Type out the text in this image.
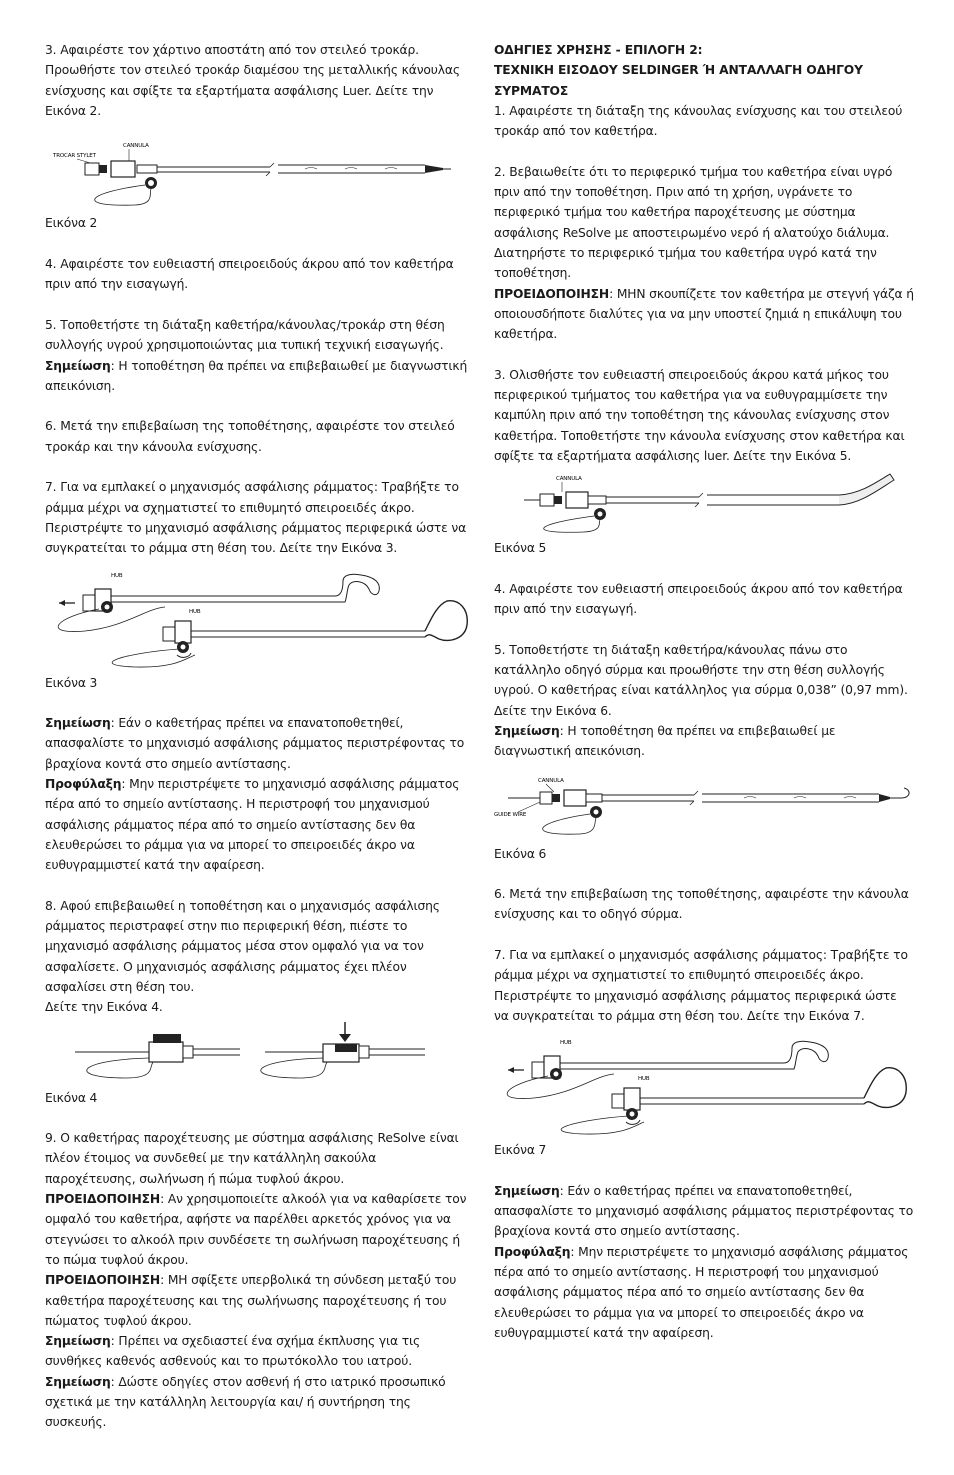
3. Αφαιρέστε τον χάρτινο αποστάτη από τον στειλεό τροκάρ. Προωθήστε τον στειλεό τροκάρ διαμέσου της μεταλλικής κάνουλας ενίσχυσης και σφίξτε τα εξαρτήματα ασφάλισης Luer. Δείτε την Εικόνα 2.

TROCAR STYLET
CANNULA

Εικόνα 2

4. Αφαιρέστε τον ευθειαστή σπειροειδούς άκρου από τον καθετήρα πριν από την εισαγωγή.

5. Τοποθετήστε τη διάταξη καθετήρα/κάνουλας/τροκάρ στη θέση συλλογής υγρού χρησιμοποιώντας μια τυπική τεχνική εισαγωγής.
Σημείωση: Η τοποθέτηση θα πρέπει να επιβεβαιωθεί με διαγνωστική απεικόνιση.

6. Μετά την επιβεβαίωση της τοποθέτησης, αφαιρέστε τον στειλεό τροκάρ και την κάνουλα ενίσχυσης.

7. Για να εμπλακεί ο μηχανισμός ασφάλισης ράμματος: Τραβήξτε το ράμμα μέχρι να σχηματιστεί το επιθυμητό σπειροειδές άκρο. Περιστρέψτε το μηχανισμό ασφάλισης ράμματος περιφερικά ώστε να συγκρατείται το ράμμα στη θέση του. Δείτε την Εικόνα 3.

HUB
HUB

Εικόνα 3

Σημείωση: Εάν ο καθετήρας πρέπει να επανατοποθετηθεί, απασφαλίστε το μηχανισμό ασφάλισης ράμματος περιστρέφοντας το βραχίονα κοντά στο σημείο αντίστασης.

Προφύλαξη: Μην περιστρέψετε το μηχανισμό ασφάλισης ράμματος πέρα από το σημείο αντίστασης. Η περιστροφή του μηχανισμού ασφάλισης ράμματος πέρα από το σημείο αντίστασης δεν θα ελευθερώσει το ράμμα για να μπορεί το σπειροειδές άκρο να ευθυγραμμιστεί κατά την αφαίρεση.

8. Αφού επιβεβαιωθεί η τοποθέτηση και ο μηχανισμός ασφάλισης ράμματος περιστραφεί στην πιο περιφερική θέση, πιέστε το μηχανισμό ασφάλισης ράμματος μέσα στον ομφαλό για να τον ασφαλίσετε. Ο μηχανισμός ασφάλισης ράμματος έχει πλέον ασφαλίσει στη θέση του.
Δείτε την Εικόνα 4.

Εικόνα 4

9. Ο καθετήρας παροχέτευσης με σύστημα ασφάλισης ReSolve είναι πλέον έτοιμος να συνδεθεί με την κατάλληλη σακούλα παροχέτευσης, σωλήνωση ή πώμα τυφλού άκρου.

ΠΡΟΕΙΔΟΠΟΙΗΣΗ: Αν χρησιμοποιείτε αλκοόλ για να καθαρίσετε τον ομφαλό του καθετήρα, αφήστε να παρέλθει αρκετός χρόνος για να στεγνώσει το αλκοόλ πριν συνδέσετε τη σωλήνωση παροχέτευσης ή το πώμα τυφλού άκρου.

ΠΡΟΕΙΔΟΠΟΙΗΣΗ: ΜΗ σφίξετε υπερβολικά τη σύνδεση μεταξύ του καθετήρα παροχέτευσης και της σωλήνωσης παροχέτευσης ή του πώματος τυφλού άκρου.

Σημείωση: Πρέπει να σχεδιαστεί ένα σχήμα έκπλυσης για τις συνθήκες καθενός ασθενούς και το πρωτόκολλο του ιατρού.

Σημείωση: Δώστε οδηγίες στον ασθενή ή στο ιατρικό προσωπικό σχετικά με την κατάλληλη λειτουργία και/ ή συντήρηση της συσκευής.

ΟΔΗΓΙΕΣ ΧΡΗΣΗΣ - ΕΠΙΛΟΓΗ 2:
ΤΕΧΝΙΚΗ ΕΙΣΟΔΟΥ SELDINGER Ή ΑΝΤΑΛΛΑΓΗ ΟΔΗΓΟΥ ΣΥΡΜΑΤΟΣ

1. Αφαιρέστε τη διάταξη της κάνουλας ενίσχυσης και του στειλεού τροκάρ από τον καθετήρα.

2. Βεβαιωθείτε ότι το περιφερικό τμήμα του καθετήρα είναι υγρό πριν από την τοποθέτηση. Πριν από τη χρήση, υγράνετε το περιφερικό τμήμα του καθετήρα παροχέτευσης με σύστημα ασφάλισης ReSolve με αποστειρωμένο νερό ή αλατούχο διάλυμα. Διατηρήστε το περιφερικό τμήμα του καθετήρα υγρό κατά την τοποθέτηση.

ΠΡΟΕΙΔΟΠΟΙΗΣΗ: ΜΗΝ σκουπίζετε τον καθετήρα με στεγνή γάζα ή οποιουσδήποτε διαλύτες για να μην υποστεί ζημιά η επικάλυψη του καθετήρα.

3. Ολισθήστε τον ευθειαστή σπειροειδούς άκρου κατά μήκος του περιφερικού τμήματος του καθετήρα για να ευθυγραμμίσετε την καμπύλη πριν από την τοποθέτηση της κάνουλας ενίσχυσης στον καθετήρα. Τοποθετήστε την κάνουλα ενίσχυσης στον καθετήρα και σφίξτε τα εξαρτήματα ασφάλισης luer. Δείτε την Εικόνα 5.

CANNULA

Εικόνα 5

4. Αφαιρέστε τον ευθειαστή σπειροειδούς άκρου από τον καθετήρα πριν από την εισαγωγή.

5. Τοποθετήστε τη διάταξη καθετήρα/κάνουλας πάνω στο κατάλληλο οδηγό σύρμα και προωθήστε την στη θέση συλλογής υγρού. Ο καθετήρας είναι κατάλληλος για σύρμα 0,038” (0,97 mm). Δείτε την Εικόνα 6.
Σημείωση: Η τοποθέτηση θα πρέπει να επιβεβαιωθεί με διαγνωστική απεικόνιση.

CANNULA
GUIDE WIRE

Εικόνα 6

6. Μετά την επιβεβαίωση της τοποθέτησης, αφαιρέστε την κάνουλα ενίσχυσης και το οδηγό σύρμα.

7. Για να εμπλακεί ο μηχανισμός ασφάλισης ράμματος: Τραβήξτε το ράμμα μέχρι να σχηματιστεί το επιθυμητό σπειροειδές άκρο. Περιστρέψτε το μηχανισμό ασφάλισης ράμματος περιφερικά ώστε να συγκρατείται το ράμμα στη θέση του. Δείτε την Εικόνα 7.

HUB
HUB

Εικόνα 7

Σημείωση: Εάν ο καθετήρας πρέπει να επανατοποθετηθεί, απασφαλίστε το μηχανισμό ασφάλισης ράμματος περιστρέφοντας το βραχίονα κοντά στο σημείο αντίστασης.

Προφύλαξη: Μην περιστρέψετε το μηχανισμό ασφάλισης ράμματος πέρα από το σημείο αντίστασης. Η περιστροφή του μηχανισμού ασφάλισης ράμματος πέρα από το σημείο αντίστασης δεν θα ελευθερώσει το ράμμα για να μπορεί το σπειροειδές άκρο να ευθυγραμμιστεί κατά την αφαίρεση.
